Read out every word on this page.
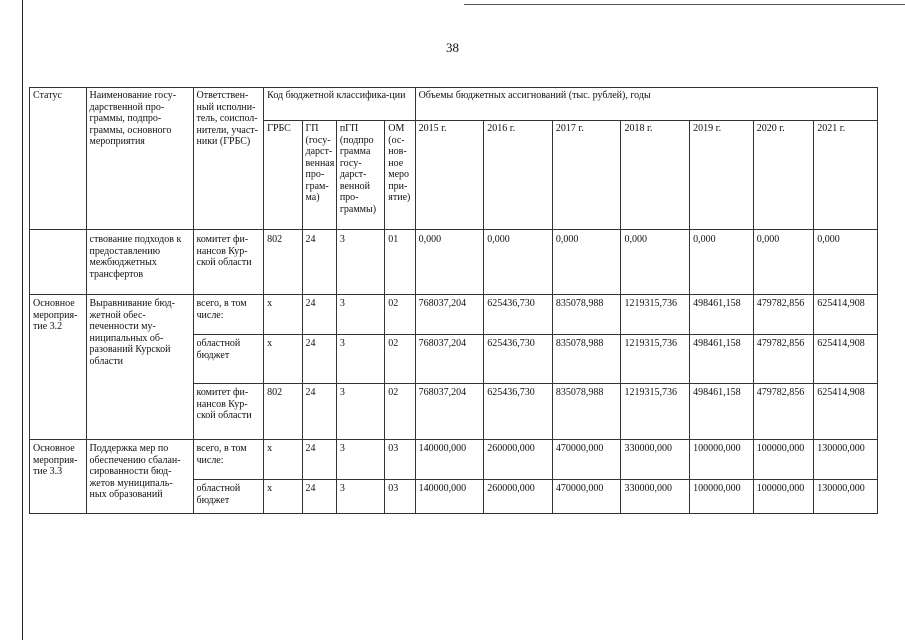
38
Статус	Наименование госу-дарственной про-граммы, подпро-граммы, основного мероприятия	Ответствен-ный исполни-тель, соиспол-нители, участ-ники (ГРБС)	Код бюджетной классифика-ции				Объемы бюджетных ассигнований (тыс. рублей), годы						
			ГРБС	ГП (госу-дарст-венная про-грам-ма)	пГП (подпро грамма госу-дарст-венной про-граммы)	ОМ (ос-нов-ное меро при-ятие)	2015 г.	2016 г.	2017 г.	2018 г.	2019 г.	2020 г.	2021 г.
	ствование подходов к предоставлению межбюджетных трансфертов	комитет фи-нансов Кур-ской области	802	24	3	01	0,000	0,000	0,000	0,000	0,000	0,000	0,000
Основное мероприя-тие 3.2	Выравнивание бюд-жетной обес-печенности му-ниципальных об-разований Курской области	всего, в том числе:	х	24	3	02	768037,204	625436,730	835078,988	1219315,736	498461,158	479782,856	625414,908
		областной бюджет	х	24	3	02	768037,204	625436,730	835078,988	1219315,736	498461,158	479782,856	625414,908
		комитет фи-нансов Кур-ской области	802	24	3	02	768037,204	625436,730	835078,988	1219315,736	498461,158	479782,856	625414,908
Основное мероприя-тие 3.3	Поддержка мер по обеспечению сбалан-сированности бюд-жетов муниципаль-ных образований	всего, в том числе:	х	24	3	03	140000,000	260000,000	470000,000	330000,000	100000,000	100000,000	130000,000
		областной бюджет	х	24	3	03	140000,000	260000,000	470000,000	330000,000	100000,000	100000,000	130000,000
